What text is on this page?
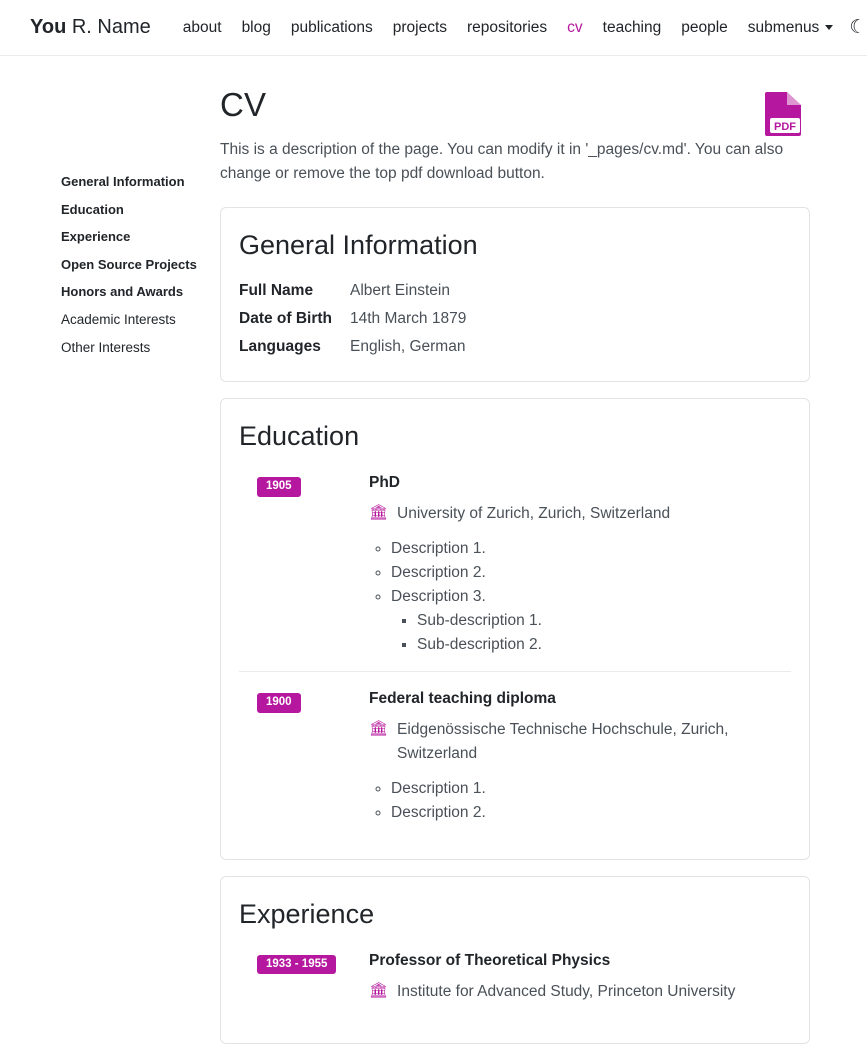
You R. Name	about	blog	publications	projects	repositories	cv	teaching	people	submenus	☾
General Information
Education
Experience
Open Source Projects
Honors and Awards
Academic Interests
Other Interests
CV
PDF

This is a description of the page. You can modify it in '_pages/cv.md'. You can also change or remove the top pdf download button.

General Information
Full Name	Albert Einstein
Date of Birth	14th March 1879
Languages	English, German
Education
1905	PhD

🏛 University of Zurich, Zurich, Switzerland

◦ Description 1.
◦ Description 2.
◦ Description 3.
▪ Sub-description 1.
▪ Sub-description 2.
1900	Federal teaching diploma

🏛 Eidgenössische Technische Hochschule, Zurich, Switzerland

◦ Description 1.
◦ Description 2.
Experience
1933 - 1955	Professor of Theoretical Physics

🏛 Institute for Advanced Study, Princeton University
